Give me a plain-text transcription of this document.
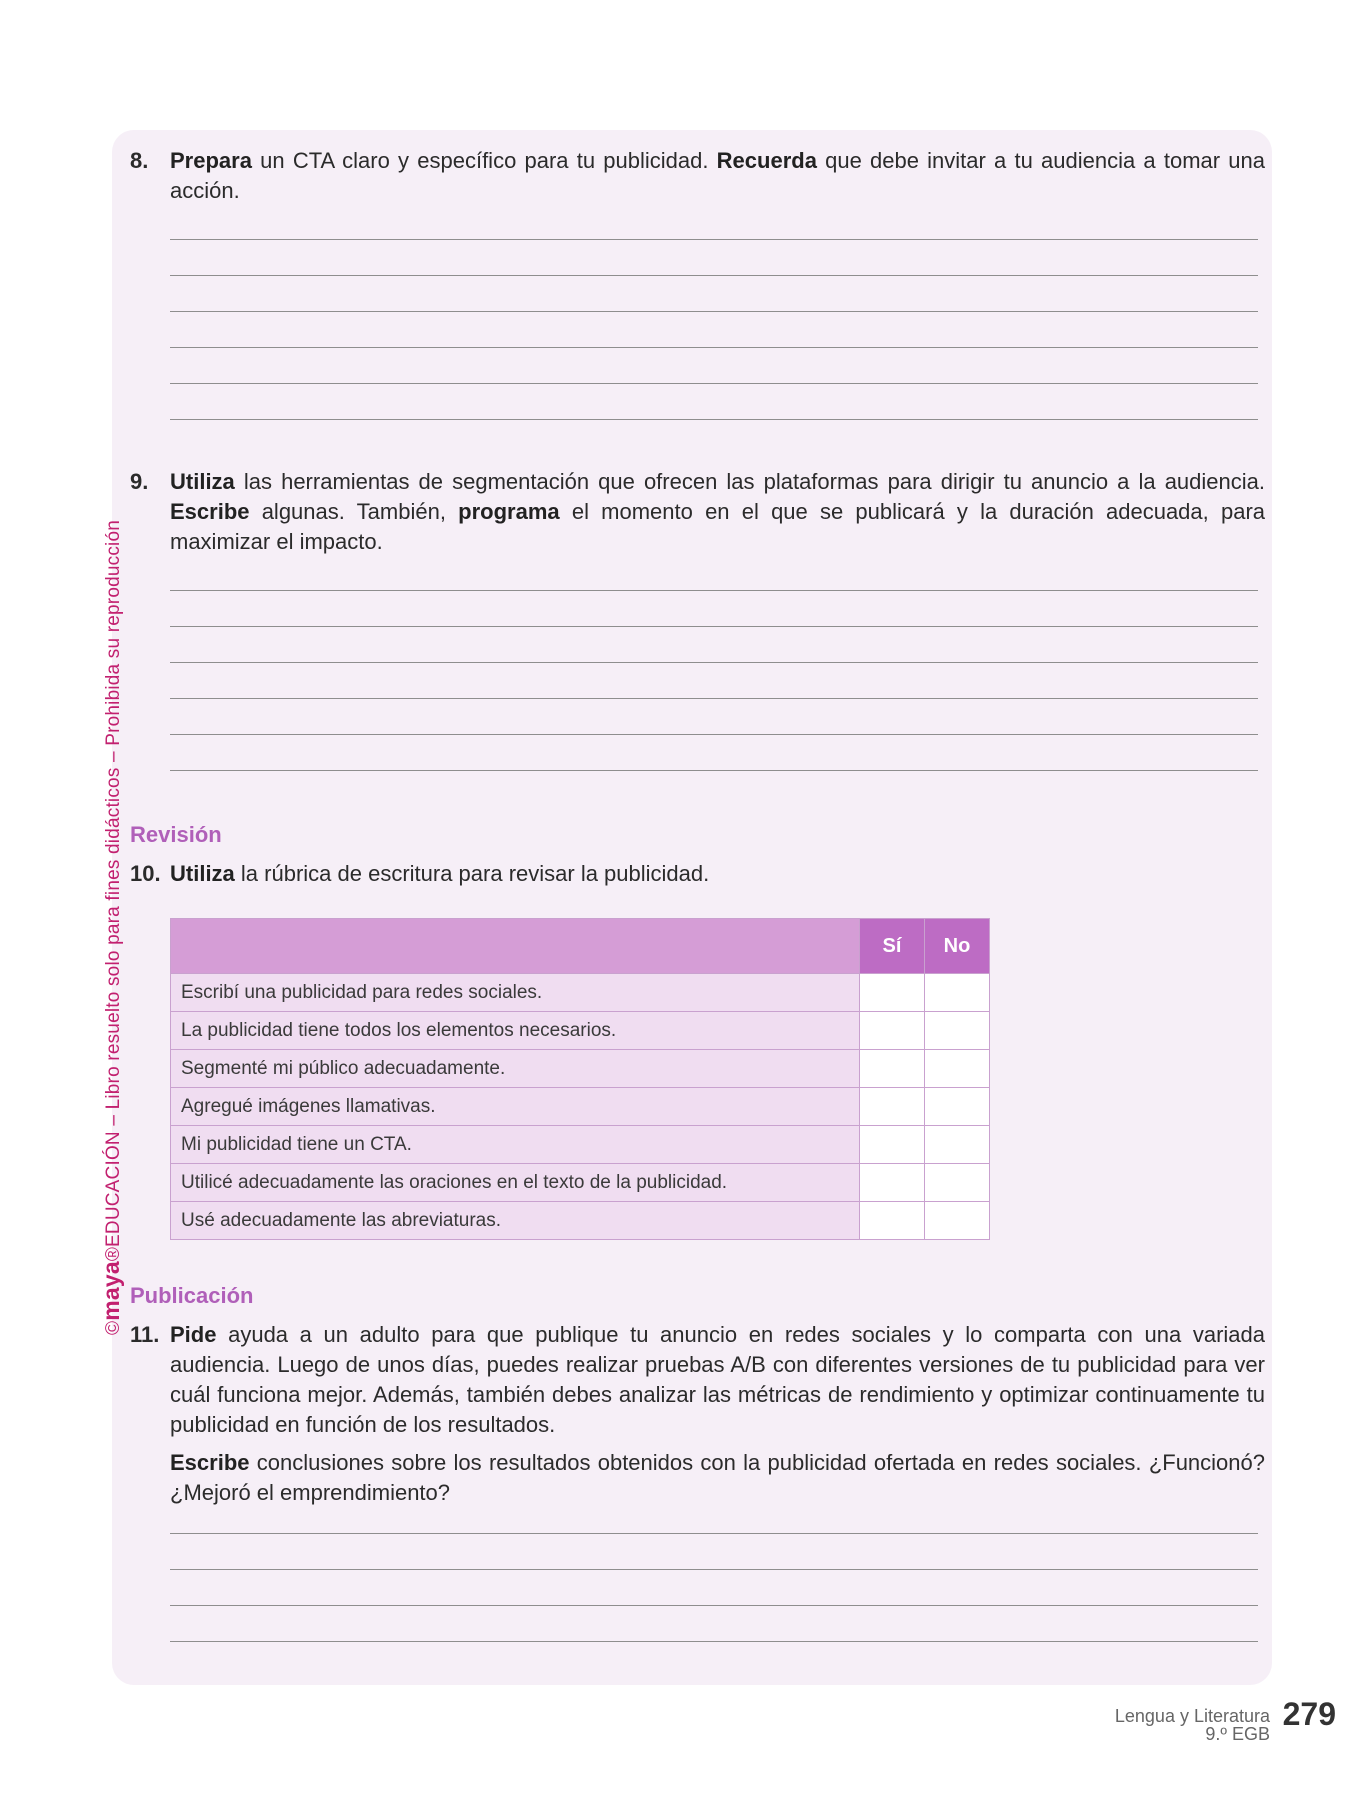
©maya®EDUCACIÓN – Libro resuelto solo para fines didácticos – Prohibida su reproducción
8. Prepara un CTA claro y específico para tu publicidad. Recuerda que debe invitar a tu audiencia a tomar una acción.
9. Utiliza las herramientas de segmentación que ofrecen las plataformas para dirigir tu anuncio a la audiencia. Escribe algunas. También, programa el momento en el que se publicará y la duración adecuada, para maximizar el impacto.
Revisión
10. Utiliza la rúbrica de escritura para revisar la publicidad.
	Sí	No
Escribí una publicidad para redes sociales.		
La publicidad tiene todos los elementos necesarios.		
Segmenté mi público adecuadamente.		
Agregué imágenes llamativas.		
Mi publicidad tiene un CTA.		
Utilicé adecuadamente las oraciones en el texto de la publicidad.		
Usé adecuadamente las abreviaturas.		
Publicación
11. Pide ayuda a un adulto para que publique tu anuncio en redes sociales y lo comparta con una variada audiencia. Luego de unos días, puedes realizar pruebas A/B con diferentes versiones de tu publicidad para ver cuál funciona mejor. Además, también debes analizar las métricas de rendimiento y optimizar continuamente tu publicidad en función de los resultados.
Escribe conclusiones sobre los resultados obtenidos con la publicidad ofertada en redes sociales. ¿Funcionó? ¿Mejoró el emprendimiento?
Lengua y Literatura
9.º EGB
279
